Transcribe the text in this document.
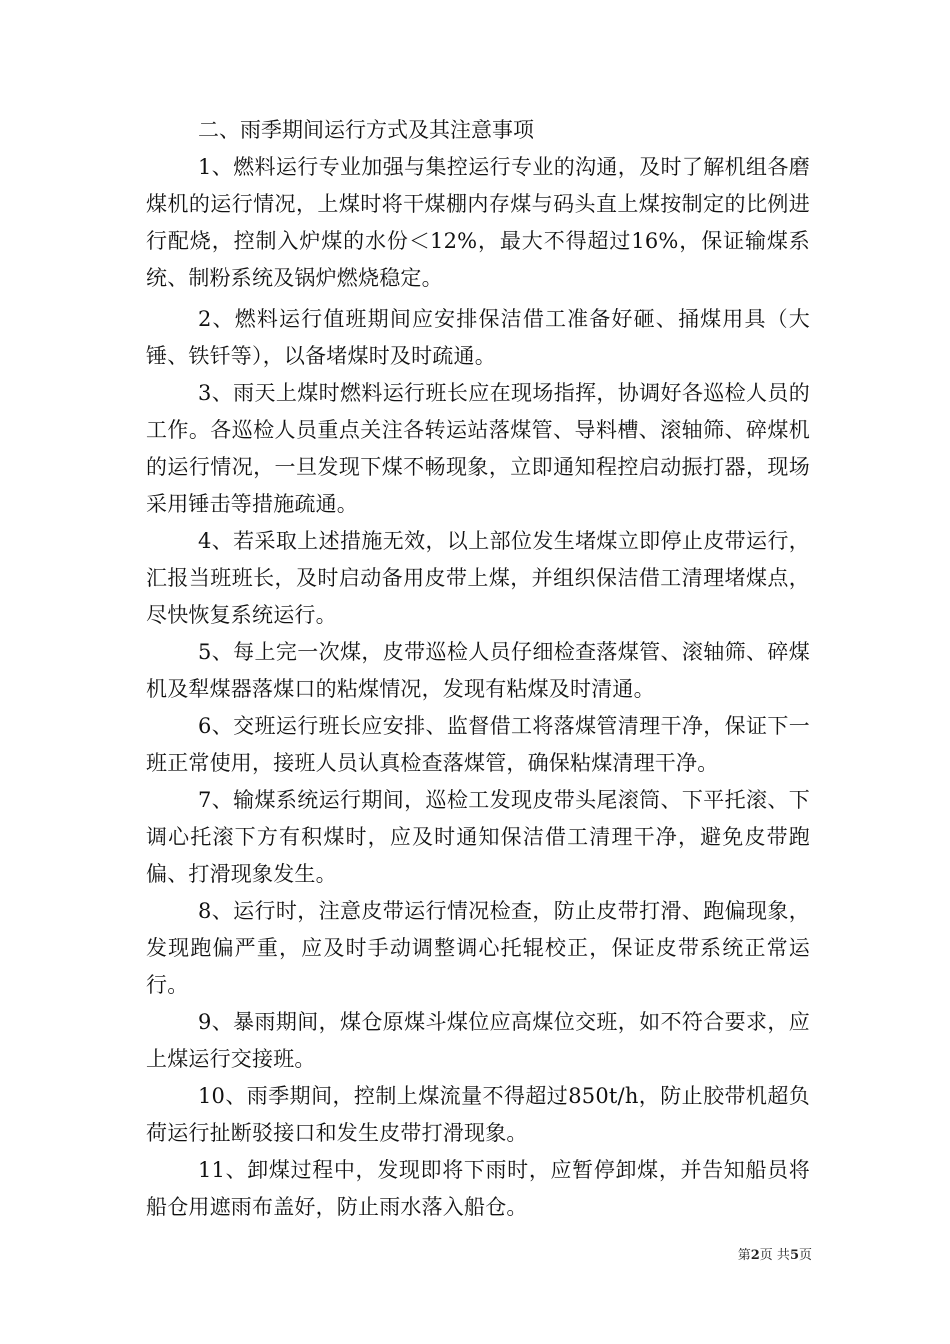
二、雨季期间运行方式及其注意事项

1、燃料运行专业加强与集控运行专业的沟通，及时了解机组各磨煤机的运行情况，上煤时将干煤棚内存煤与码头直上煤按制定的比例进行配烧，控制入炉煤的水份＜12%，最大不得超过16%，保证输煤系统、制粉系统及锅炉燃烧稳定。

2、燃料运行值班期间应安排保洁借工准备好砸、捅煤用具（大锤、铁钎等），以备堵煤时及时疏通。

3、雨天上煤时燃料运行班长应在现场指挥，协调好各巡检人员的工作。各巡检人员重点关注各转运站落煤管、导料槽、滚轴筛、碎煤机的运行情况，一旦发现下煤不畅现象，立即通知程控启动振打器，现场采用锤击等措施疏通。

4、若采取上述措施无效，以上部位发生堵煤立即停止皮带运行，汇报当班班长，及时启动备用皮带上煤，并组织保洁借工清理堵煤点，尽快恢复系统运行。

5、每上完一次煤，皮带巡检人员仔细检查落煤管、滚轴筛、碎煤机及犁煤器落煤口的粘煤情况，发现有粘煤及时清通。

6、交班运行班长应安排、监督借工将落煤管清理干净，保证下一班正常使用，接班人员认真检查落煤管，确保粘煤清理干净。

7、输煤系统运行期间，巡检工发现皮带头尾滚筒、下平托滚、下调心托滚下方有积煤时，应及时通知保洁借工清理干净，避免皮带跑偏、打滑现象发生。

8、运行时，注意皮带运行情况检查，防止皮带打滑、跑偏现象，发现跑偏严重，应及时手动调整调心托辊校正，保证皮带系统正常运行。

9、暴雨期间，煤仓原煤斗煤位应高煤位交班，如不符合要求，应上煤运行交接班。

10、雨季期间，控制上煤流量不得超过850t/h，防止胶带机超负荷运行扯断驳接口和发生皮带打滑现象。

11、卸煤过程中，发现即将下雨时，应暂停卸煤，并告知船员将船仓用遮雨布盖好，防止雨水落入船仓。

第2页 共5页
